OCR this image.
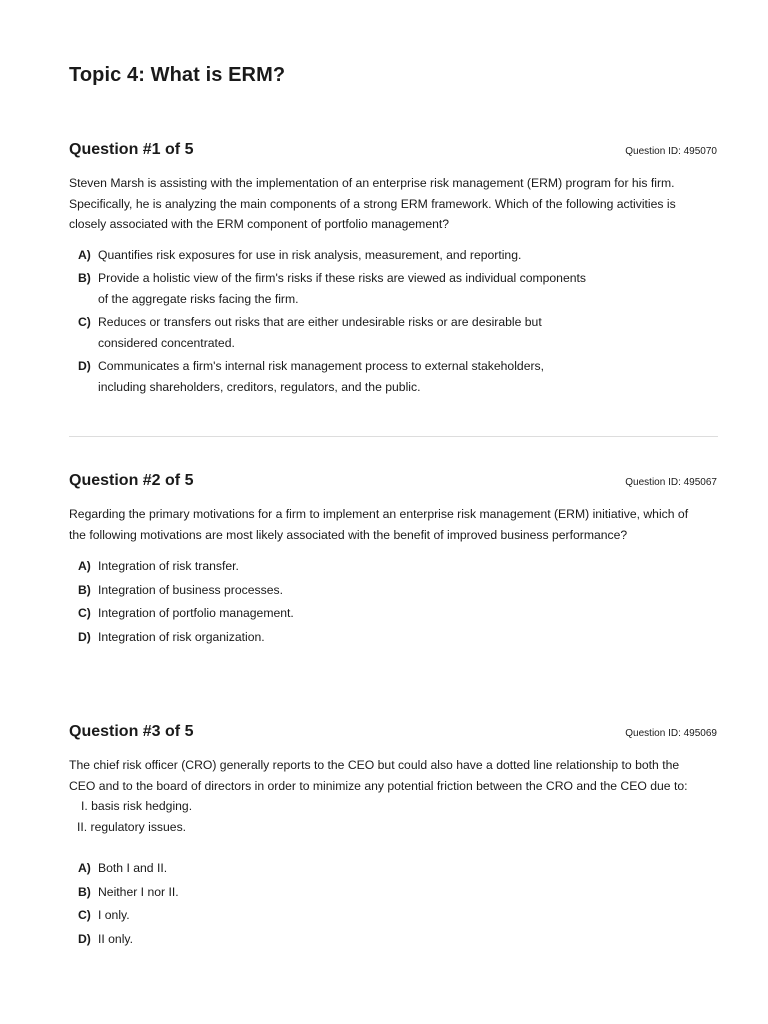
Topic 4: What is ERM?
Question #1 of 5	Question ID: 495070

Steven Marsh is assisting with the implementation of an enterprise risk management (ERM) program for his firm.
Specifically, he is analyzing the main components of a strong ERM framework. Which of the following activities is
closely associated with the ERM component of portfolio management?

A) Quantifies risk exposures for use in risk analysis, measurement, and reporting.
B) Provide a holistic view of the firm's risks if these risks are viewed as individual components
of the aggregate risks facing the firm.
C) Reduces or transfers out risks that are either undesirable risks or are desirable but
considered concentrated.
D) Communicates a firm's internal risk management process to external stakeholders,
including shareholders, creditors, regulators, and the public.
Question #2 of 5	Question ID: 495067

Regarding the primary motivations for a firm to implement an enterprise risk management (ERM) initiative, which of
the following motivations are most likely associated with the benefit of improved business performance?

A) Integration of risk transfer.
B) Integration of business processes.
C) Integration of portfolio management.
D) Integration of risk organization.
Question #3 of 5	Question ID: 495069

The chief risk officer (CRO) generally reports to the CEO but could also have a dotted line relationship to both the
CEO and to the board of directors in order to minimize any potential friction between the CRO and the CEO due to:

I. basis risk hedging.
II. regulatory issues.
A) Both I and II.
B) Neither I nor II.
C) I only.
D) II only.
